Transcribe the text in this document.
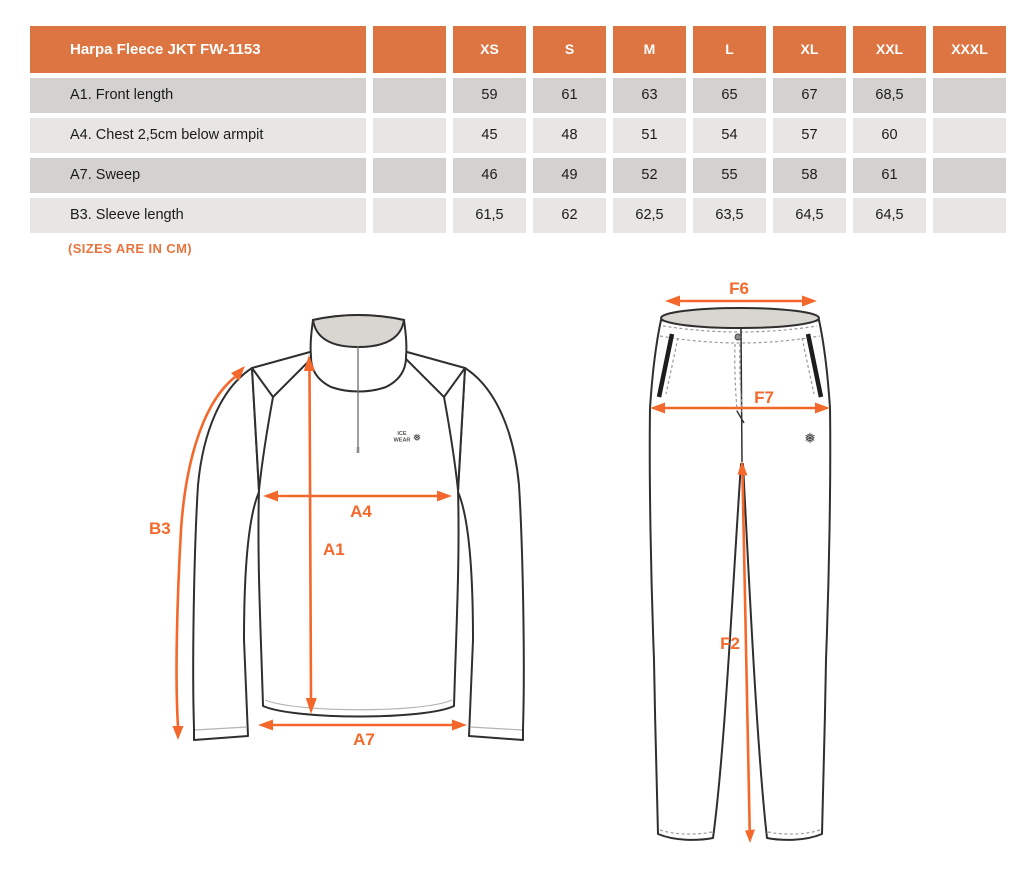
Harpa Fleece JKT FW-1153	XS	S	M	L	XL	XXL	XXXL
A1. Front length	59	61	63	65	67	68,5
A4. Chest 2,5cm below armpit	45	48	51	54	57	60
A7. Sweep	46	49	52	55	58	61
B3. Sleeve length	61,5	62	62,5	63,5	64,5	64,5
(SIZES ARE IN CM)
ICE
WEAR ❅
B3
A4
A1
A7
❅
F6
F7
F2
